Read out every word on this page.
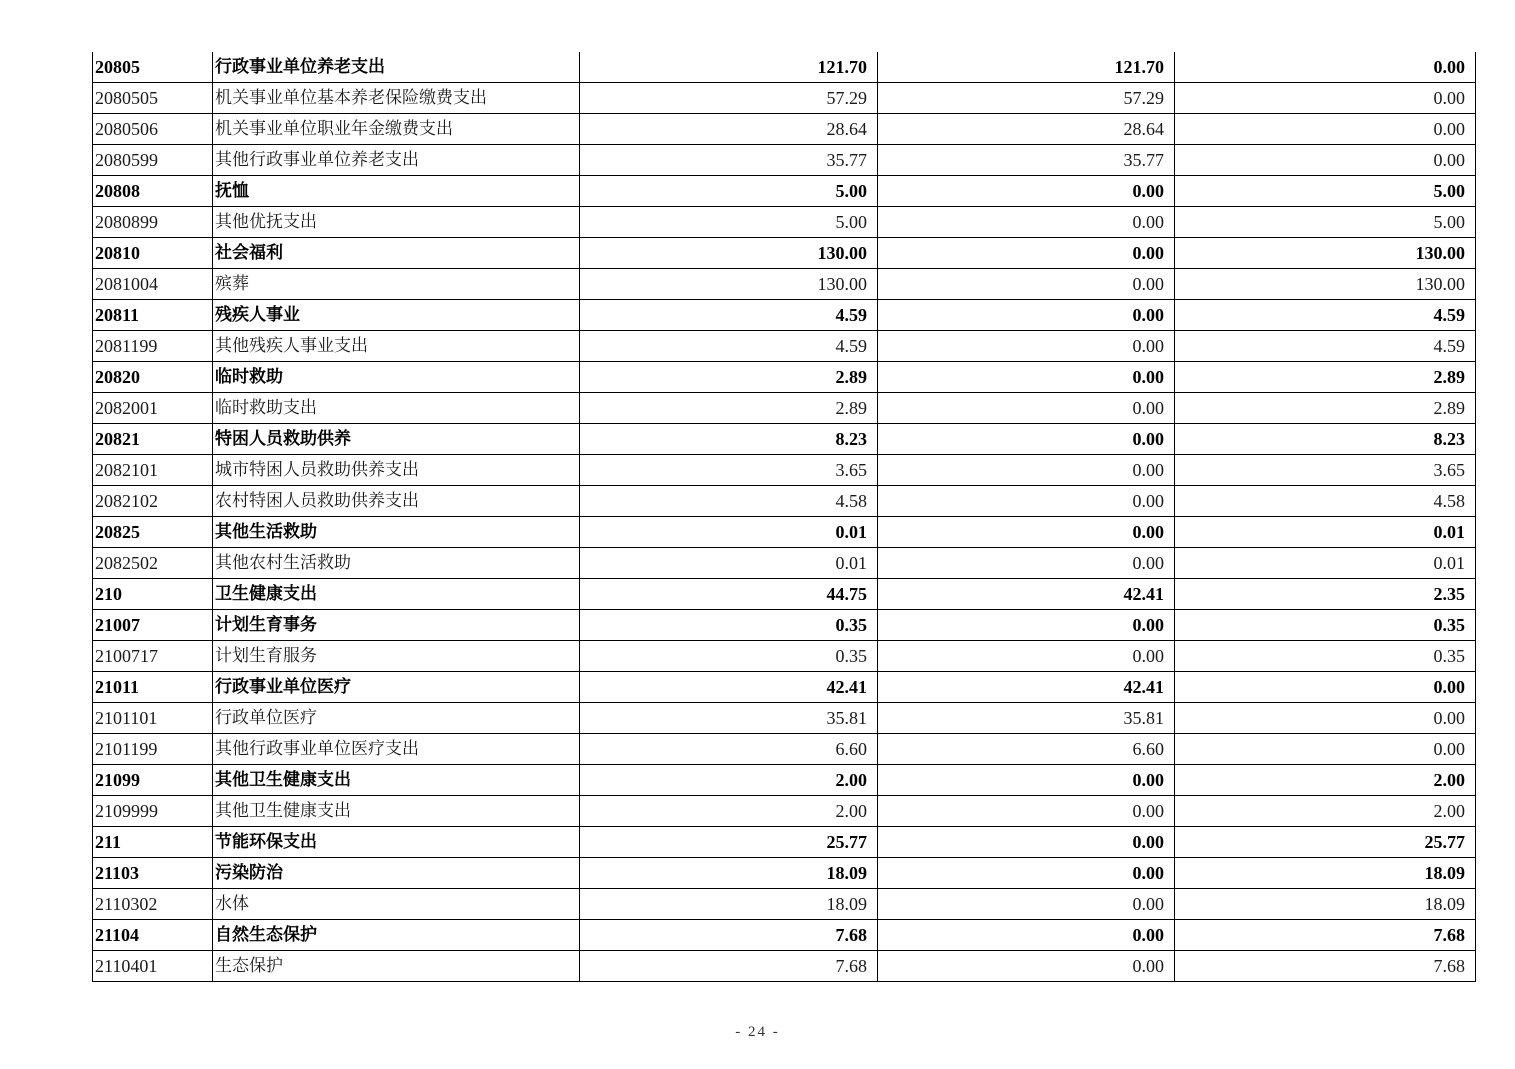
20805	行政事业单位养老支出	121.70	121.70	0.00
2080505	机关事业单位基本养老保险缴费支出	57.29	57.29	0.00
2080506	机关事业单位职业年金缴费支出	28.64	28.64	0.00
2080599	其他行政事业单位养老支出	35.77	35.77	0.00
20808	抚恤	5.00	0.00	5.00
2080899	其他优抚支出	5.00	0.00	5.00
20810	社会福利	130.00	0.00	130.00
2081004	殡葬	130.00	0.00	130.00
20811	残疾人事业	4.59	0.00	4.59
2081199	其他残疾人事业支出	4.59	0.00	4.59
20820	临时救助	2.89	0.00	2.89
2082001	临时救助支出	2.89	0.00	2.89
20821	特困人员救助供养	8.23	0.00	8.23
2082101	城市特困人员救助供养支出	3.65	0.00	3.65
2082102	农村特困人员救助供养支出	4.58	0.00	4.58
20825	其他生活救助	0.01	0.00	0.01
2082502	其他农村生活救助	0.01	0.00	0.01
210	卫生健康支出	44.75	42.41	2.35
21007	计划生育事务	0.35	0.00	0.35
2100717	计划生育服务	0.35	0.00	0.35
21011	行政事业单位医疗	42.41	42.41	0.00
2101101	行政单位医疗	35.81	35.81	0.00
2101199	其他行政事业单位医疗支出	6.60	6.60	0.00
21099	其他卫生健康支出	2.00	0.00	2.00
2109999	其他卫生健康支出	2.00	0.00	2.00
211	节能环保支出	25.77	0.00	25.77
21103	污染防治	18.09	0.00	18.09
2110302	水体	18.09	0.00	18.09
21104	自然生态保护	7.68	0.00	7.68
2110401	生态保护	7.68	0.00	7.68
- 24 -
